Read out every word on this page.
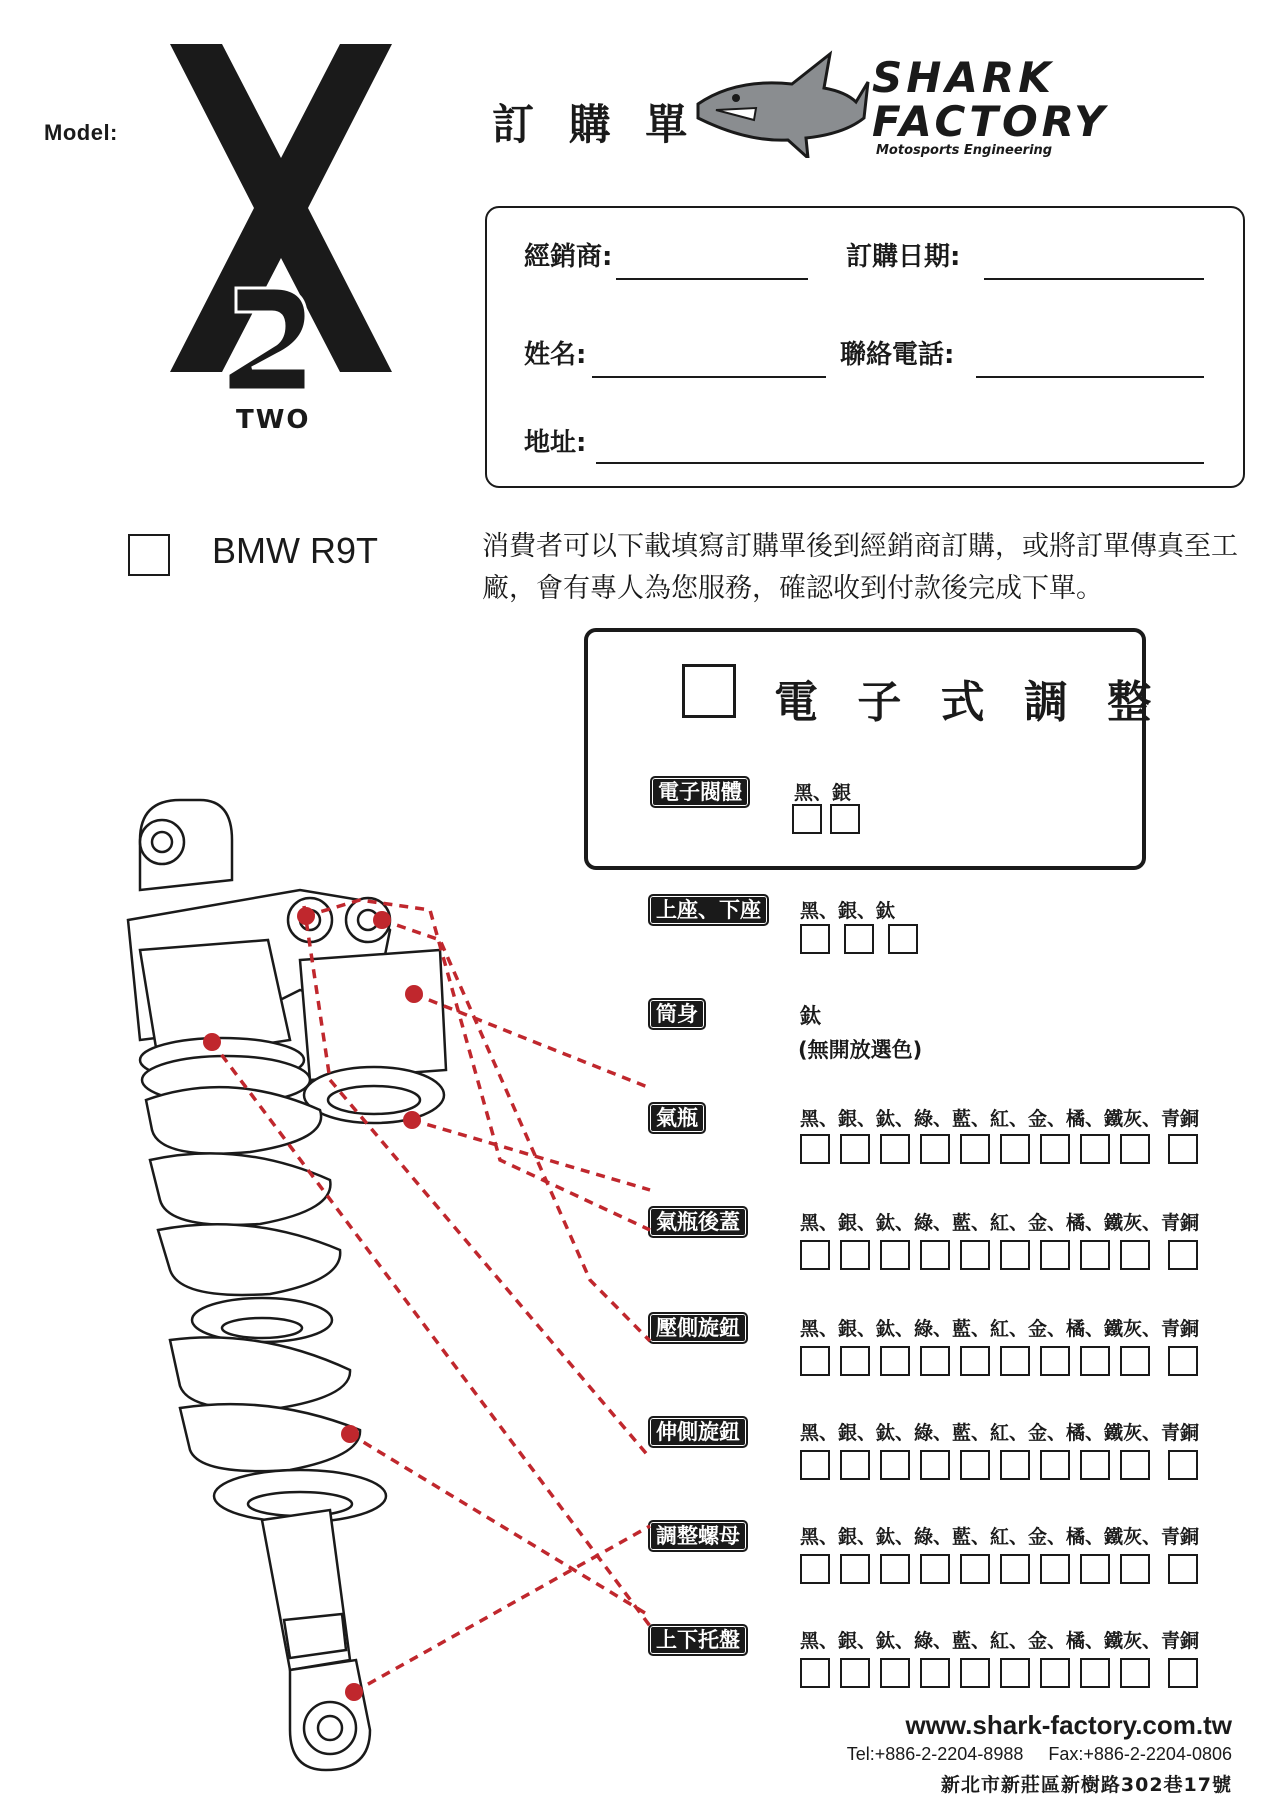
Model:
TWO
訂 購 單
SHARK
FACTORY
Motosports Engineering
經銷商:	訂購日期:
姓名:	聯絡電話:
地址:
BMW R9T	消費者可以下載填寫訂購單後到經銷商訂購，或將訂單傳真至工廠，會有專人為您服務，確認收到付款後完成下單。
電 子 式 調 整
電子閥體	黑、銀
上座、下座	黑、銀、鈦
筒身	鈦
(無開放選色)
氣瓶	黑、銀、鈦、綠、藍、紅、金、橘、鐵灰、青銅
氣瓶後蓋	黑、銀、鈦、綠、藍、紅、金、橘、鐵灰、青銅
壓側旋鈕	黑、銀、鈦、綠、藍、紅、金、橘、鐵灰、青銅
伸側旋鈕	黑、銀、鈦、綠、藍、紅、金、橘、鐵灰、青銅
調整螺母	黑、銀、鈦、綠、藍、紅、金、橘、鐵灰、青銅
上下托盤	黑、銀、鈦、綠、藍、紅、金、橘、鐵灰、青銅
www.shark-factory.com.tw
Tel:+886-2-2204-8988     Fax:+886-2-2204-0806
新北市新莊區新樹路302巷17號
